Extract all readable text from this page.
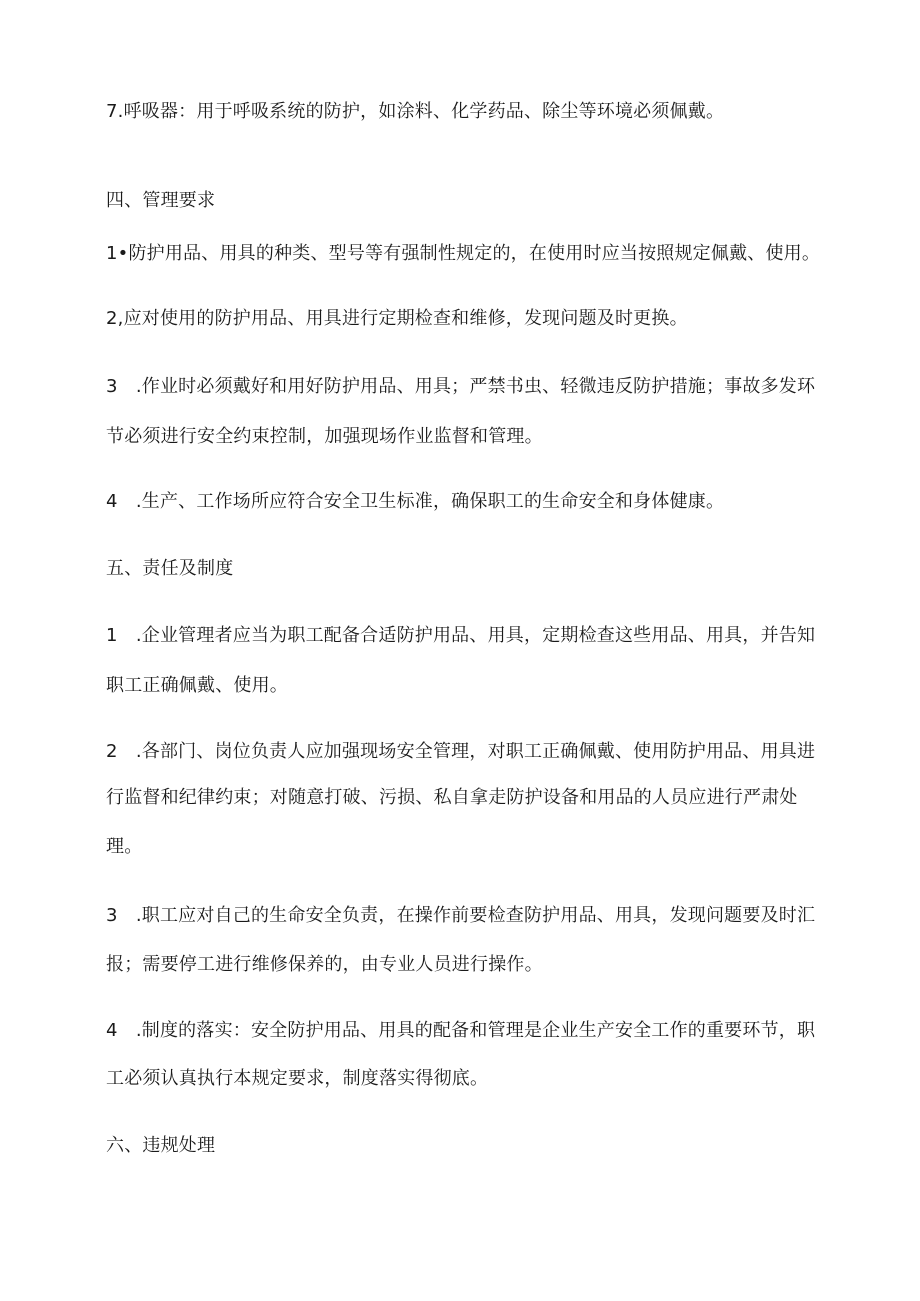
7.呼吸器：用于呼吸系统的防护，如涂料、化学药品、除尘等环境必须佩戴。
四、管理要求
1•防护用品、用具的种类、型号等有强制性规定的，在使用时应当按照规定佩戴、使用。
2,应对使用的防护用品、用具进行定期检查和维修，发现问题及时更换。
3　.作业时必须戴好和用好防护用品、用具；严禁书虫、轻微违反防护措施；事故多发环
节必须进行安全约束控制，加强现场作业监督和管理。
4　.生产、工作场所应符合安全卫生标准，确保职工的生命安全和身体健康。
五、责任及制度
1　.企业管理者应当为职工配备合适防护用品、用具，定期检查这些用品、用具，并告知
职工正确佩戴、使用。
2　.各部门、岗位负责人应加强现场安全管理，对职工正确佩戴、使用防护用品、用具进
行监督和纪律约束；对随意打破、污损、私自拿走防护设备和用品的人员应进行严肃处
理。
3　.职工应对自己的生命安全负责，在操作前要检查防护用品、用具，发现问题要及时汇
报；需要停工进行维修保养的，由专业人员进行操作。
4　.制度的落实：安全防护用品、用具的配备和管理是企业生产安全工作的重要环节，职
工必须认真执行本规定要求，制度落实得彻底。
六、违规处理
